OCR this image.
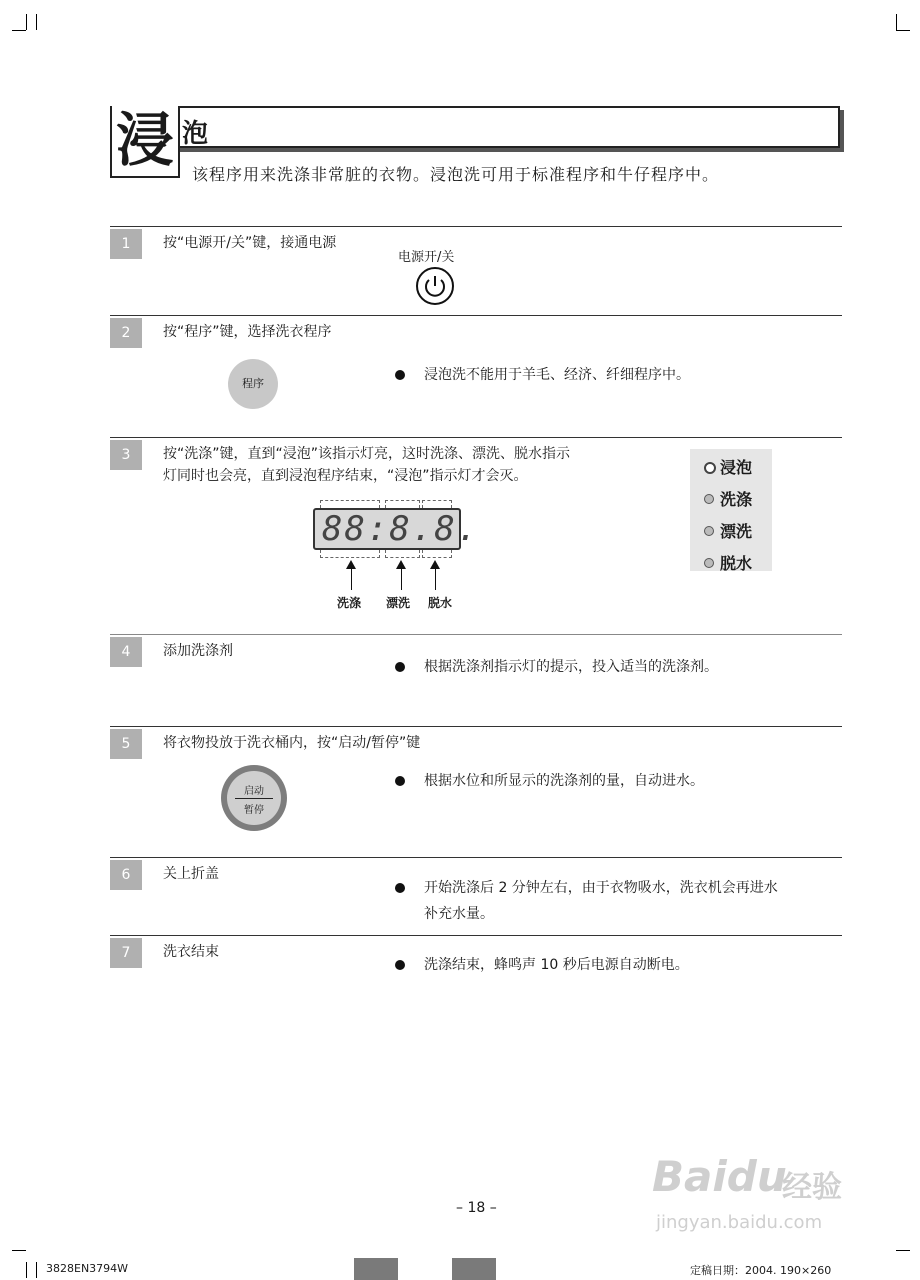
浸 泡
该程序用来洗涤非常脏的衣物。浸泡洗可用于标准程序和牛仔程序中。
1	按“电源开/关”键，接通电源
电源开/关
2	按“程序”键，选择洗衣程序
程序
浸泡洗不能用于羊毛、经济、纤细程序中。
3	按“洗涤”键，直到“浸泡”该指示灯亮，这时洗涤、漂洗、脱水指示
灯同时也会亮，直到浸泡程序结束，“浸泡”指示灯才会灭。
88:8.8.
洗涤 漂洗 脱水
浸泡
洗涤
漂洗
脱水
4	添加洗涤剂
根据洗涤剂指示灯的提示，投入适当的洗涤剂。
5	将衣物投放于洗衣桶内，按“启动/暂停”键
启动
暂停
根据水位和所显示的洗涤剂的量，自动进水。
6	关上折盖
开始洗涤后 2 分钟左右，由于衣物吸水，洗衣机会再进水
补充水量。
7	洗衣结束
洗涤结束，蜂鸣声 10 秒后电源自动断电。
Baidu
经验
jingyan.baidu.com
– 18 –
3828EN3794W	定稿日期：2004. 190×260
